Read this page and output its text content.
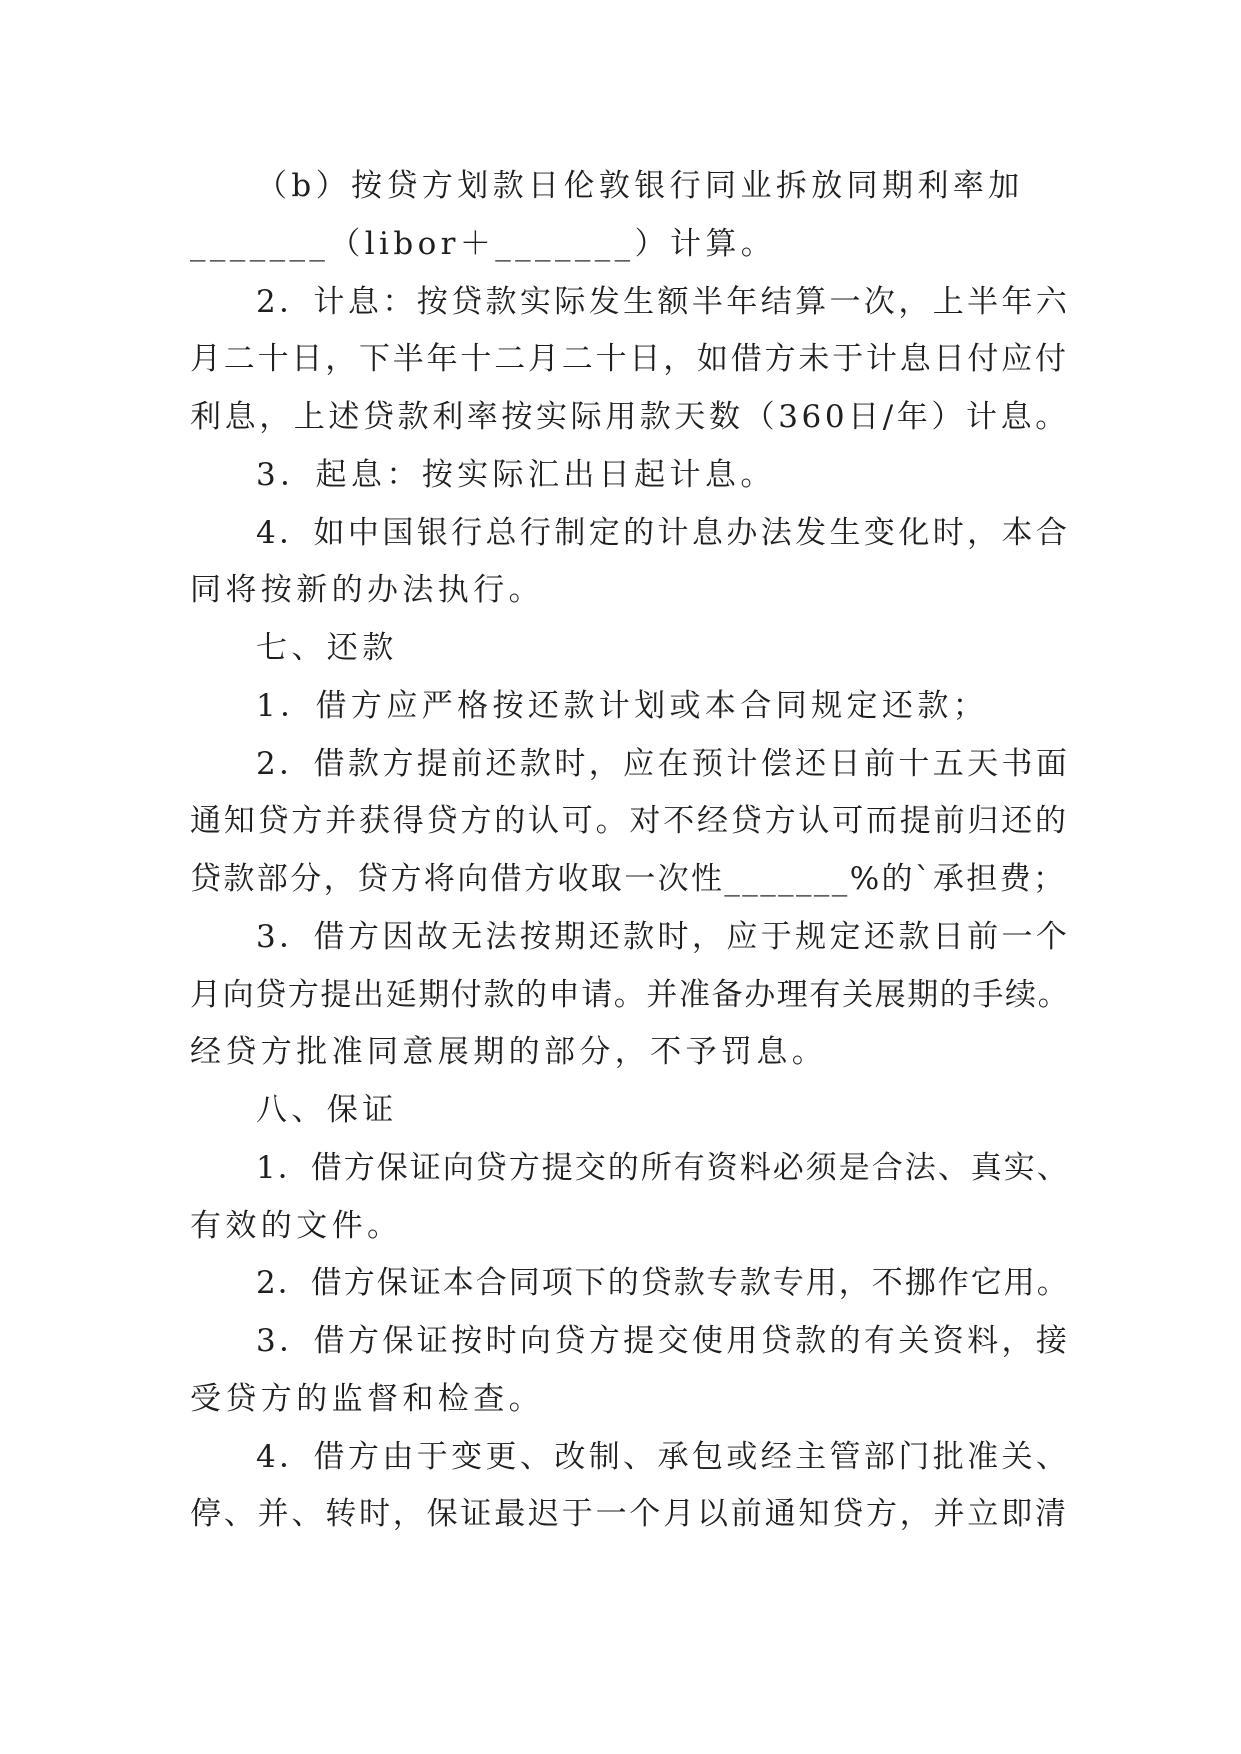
（b）按贷方划款日伦敦银行同业拆放同期利率加
_______（libor＋_______）计算。
2．计息：按贷款实际发生额半年结算一次，上半年六
月二十日，下半年十二月二十日，如借方未于计息日付应付
利息，上述贷款利率按实际用款天数（360日/年）计息。
3．起息：按实际汇出日起计息。
4．如中国银行总行制定的计息办法发生变化时，本合
同将按新的办法执行。
七、还款
1．借方应严格按还款计划或本合同规定还款；
2．借款方提前还款时，应在预计偿还日前十五天书面
通知贷方并获得贷方的认可。对不经贷方认可而提前归还的
贷款部分，贷方将向借方收取一次性_______%的`承担费；
3．借方因故无法按期还款时，应于规定还款日前一个
月向贷方提出延期付款的申请。并准备办理有关展期的手续。
经贷方批准同意展期的部分，不予罚息。
八、保证
1．借方保证向贷方提交的所有资料必须是合法、真实、
有效的文件。
2．借方保证本合同项下的贷款专款专用，不挪作它用。
3．借方保证按时向贷方提交使用贷款的有关资料，接
受贷方的监督和检查。
4．借方由于变更、改制、承包或经主管部门批准关、
停、并、转时，保证最迟于一个月以前通知贷方，并立即清
